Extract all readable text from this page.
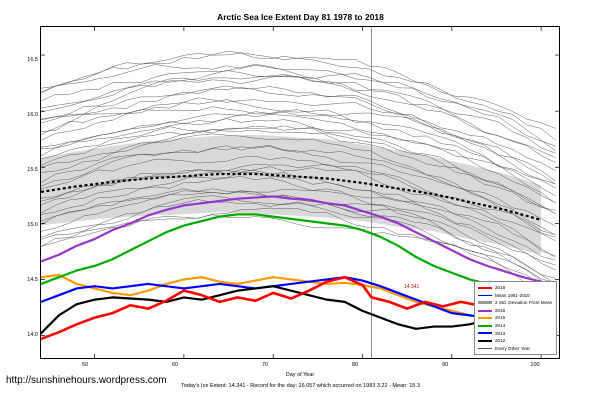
Arctic Sea Ice Extent Day 81 1978 to 2018
Day of Year
16.5
16.0
15.5
15.0
14.5
14.0
50	60	70	80	90	100
14.341	2018
Mean 1981-2010
2 Std. Deviation From Mean
2016
2015
2014
2013
2012
Every Other Year
http://sunshinehours.wordpress.com	Today's Ice Extent: 14.341 - Record for the day: 16.057 which occurred on 1983 3.22 - Mean: 15.3
